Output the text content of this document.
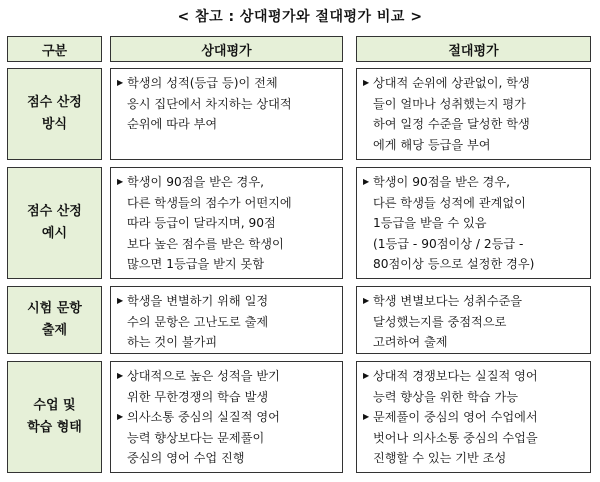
< 참고 : 상대평가와 절대평가 비교 >
구분	상대평가	절대평가
점수 산정
방식
▶ 학생의 성적(등급 등)이 전체
응시 집단에서 차지하는 상대적
순위에 따라 부여
▶ 상대적 순위에 상관없이, 학생
들이 얼마나 성취했는지 평가
하여 일정 수준을 달성한 학생
에게 해당 등급을 부여
점수 산정
예시
▶ 학생이 90점을 받은 경우,
다른 학생들의 점수가 어떤지에
따라 등급이 달라지며, 90점
보다 높은 점수를 받은 학생이
많으면 1등급을 받지 못함
▶ 학생이 90점을 받은 경우,
다른 학생들 성적에 관계없이
1등급을 받을 수 있음
(1등급 - 90점이상 / 2등급 -
80점이상 등으로 설정한 경우)
시험 문항
출제
▶ 학생을 변별하기 위해 일정
수의 문항은 고난도로 출제
하는 것이 불가피
▶ 학생 변별보다는 성취수준을
달성했는지를 중점적으로
고려하여 출제
수업 및
학습 형태
▶ 상대적으로 높은 성적을 받기
위한 무한경쟁의 학습 발생
▶ 의사소통 중심의 실질적 영어
능력 향상보다는 문제풀이
중심의 영어 수업 진행
▶ 상대적 경쟁보다는 실질적 영어
능력 향상을 위한 학습 가능
▶ 문제풀이 중심의 영어 수업에서
벗어나 의사소통 중심의 수업을
진행할 수 있는 기반 조성
